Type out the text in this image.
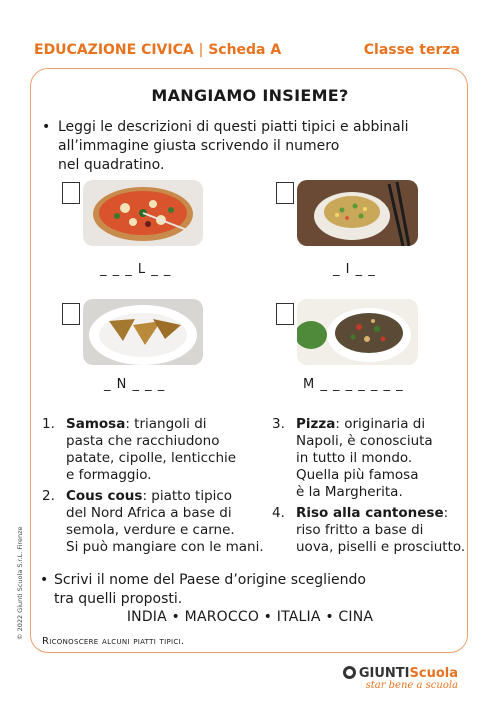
EDUCAZIONE CIVICA | Scheda A	Classe terza
MANGIAMO INSIEME?
• Leggi le descrizioni di questi piatti tipici e abbinali
all’immagine giusta scrivendo il numero
nel quadratino.
_ _ _ L _ _	_ I _ _
_ N _ _ _	M _ _ _ _ _ _ _
1. Samosa: triangoli di
pasta che racchiudono
patate, cipolle, lenticchie
e formaggio.
2. Cous cous: piatto tipico
del Nord Africa a base di
semola, verdure e carne.
Si può mangiare con le mani.
3. Pizza: originaria di
Napoli, è conosciuta
in tutto il mondo.
Quella più famosa
è la Margherita.
4. Riso alla cantonese:
riso fritto a base di
uova, piselli e prosciutto.
• Scrivi il nome del Paese d’origine scegliendo
tra quelli proposti.
INDIA • MAROCCO • ITALIA • CINA
Riconoscere alcuni piatti tipici.
© 2022 Giunti Scuola S.r.L. Firenze
GIUNTIScuola
star bene a scuola
